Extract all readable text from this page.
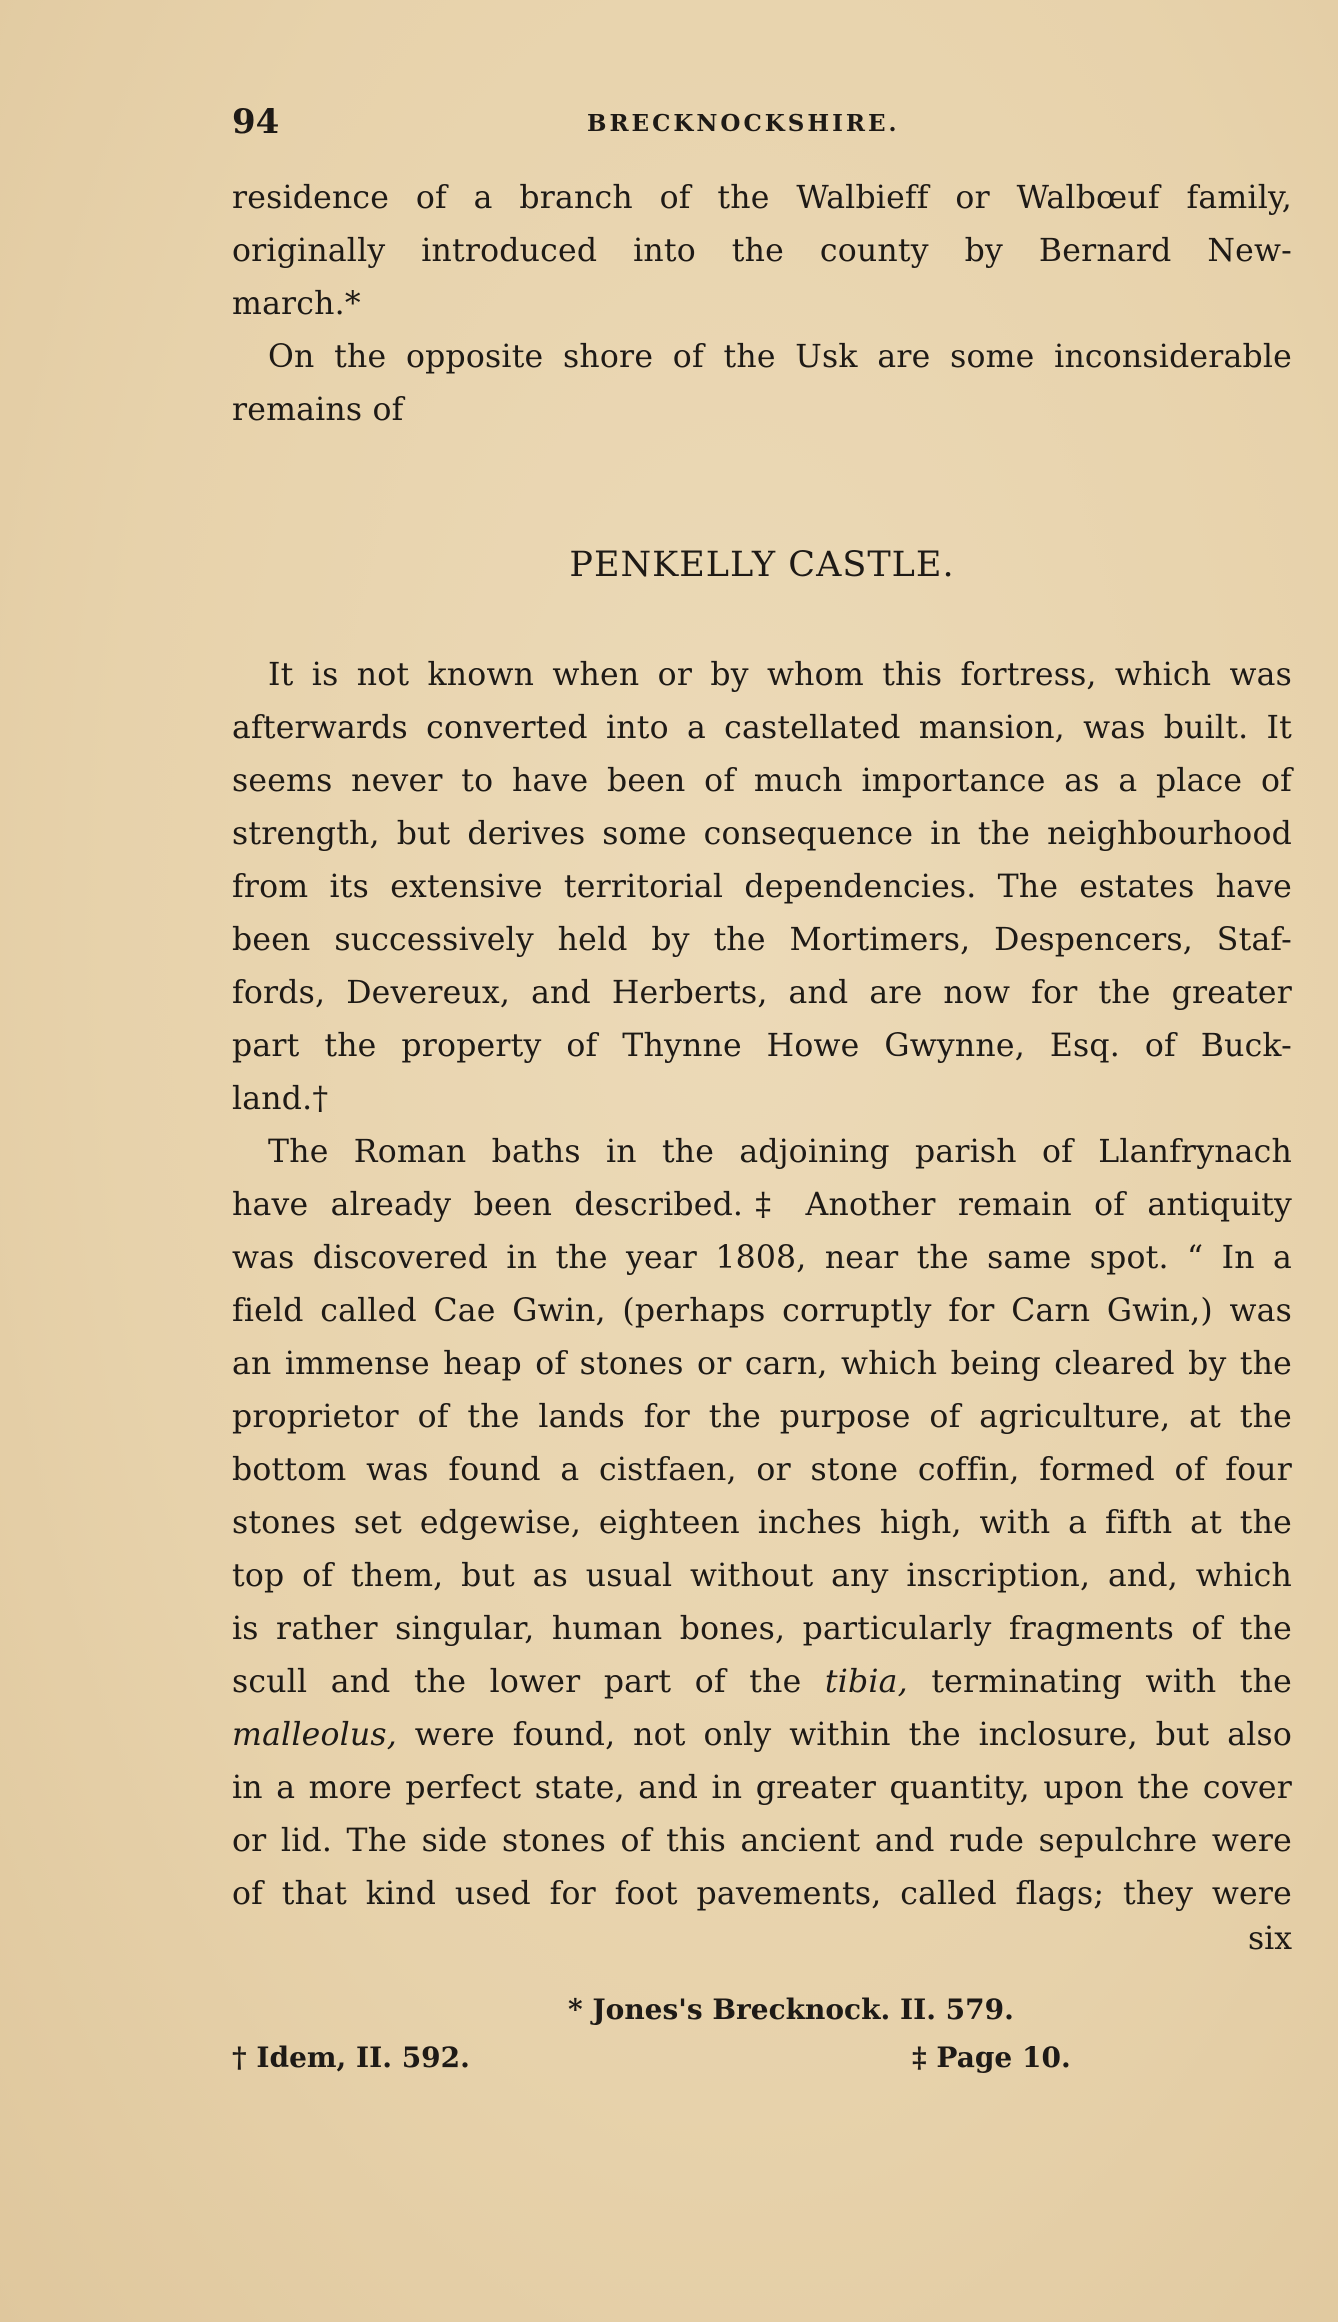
94	BRECKNOCKSHIRE.
residence of a branch of the Walbieff or Walbœuf family,
originally introduced into the county by Bernard New-
march.*
On the opposite shore of the Usk are some inconsiderable
remains of
PENKELLY CASTLE.
It is not known when or by whom this fortress, which was
afterwards converted into a castellated mansion, was built. It
seems never to have been of much importance as a place of
strength, but derives some consequence in the neighbourhood
from its extensive territorial dependencies. The estates have
been successively held by the Mortimers, Despencers, Staf-
fords, Devereux, and Herberts, and are now for the greater
part the property of Thynne Howe Gwynne, Esq. of Buck-
land.†
The Roman baths in the adjoining parish of Llanfrynach
have already been described.‡ Another remain of antiquity
was discovered in the year 1808, near the same spot. “ In a
field called Cae Gwin, (perhaps corruptly for Carn Gwin,) was
an immense heap of stones or carn, which being cleared by the
proprietor of the lands for the purpose of agriculture, at the
bottom was found a cistfaen, or stone coffin, formed of four
stones set edgewise, eighteen inches high, with a fifth at the
top of them, but as usual without any inscription, and, which
is rather singular, human bones, particularly fragments of the
scull and the lower part of the tibia, terminating with the
malleolus, were found, not only within the inclosure, but also
in a more perfect state, and in greater quantity, upon the cover
or lid. The side stones of this ancient and rude sepulchre were
of that kind used for foot pavements, called flags; they were
six
* Jones's Brecknock. II. 579.
† Idem, II. 592.	‡ Page 10.
